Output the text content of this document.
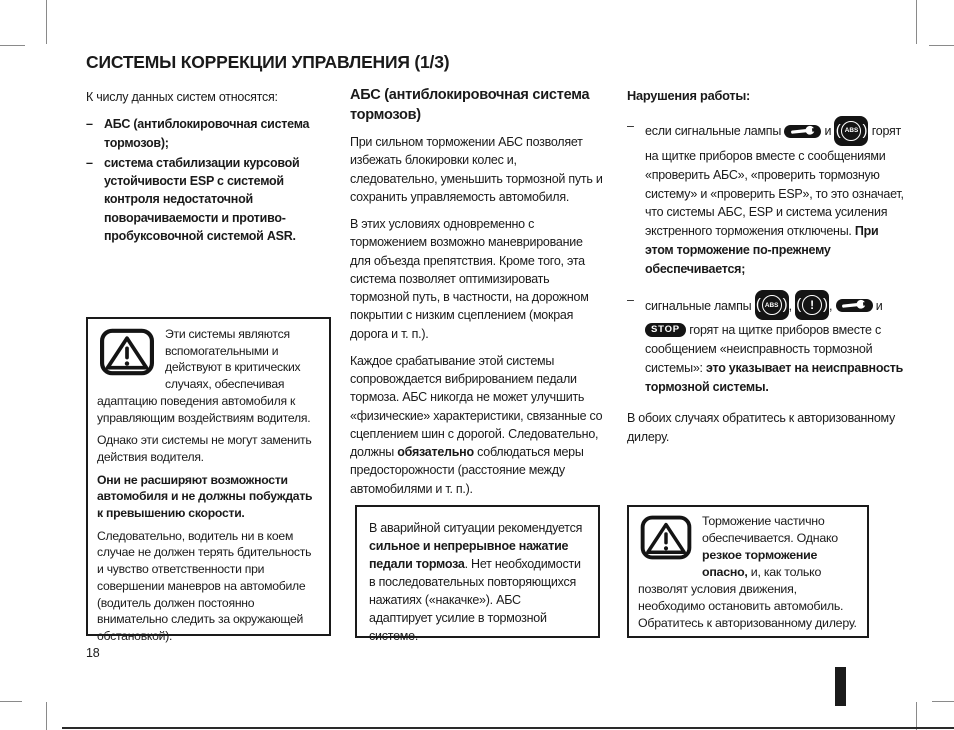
СИСТЕМЫ КОРРЕКЦИИ УПРАВЛЕНИЯ (1/3)

К числу данных систем относятся:

– АБС (антиблокировочная система тормозов);
– система стабилизации курсовой устойчивости ESP с системой контроля недостаточной поворачиваемости и противо-пробуксовочной системой ASR.

Эти системы являются вспомогательными и действуют в критических случаях, обеспечивая адаптацию поведения автомобиля к управляющим воздействиям водителя.

Однако эти системы не могут заменить действия водителя.

Они не расширяют возможности автомобиля и не должны побуждать к превышению скорости.

Следовательно, водитель ни в коем случае не должен терять бдительность и чувство ответственности при совершении маневров на автомобиле (водитель должен постоянно внимательно следить за окружающей обстановкой).

АБС (антиблокировочная система тормозов)

При сильном торможении АБС позволяет избежать блокировки колес и, следовательно, уменьшить тормозной путь и сохранить управляемость автомобиля.

В этих условиях одновременно с торможением возможно маневрирование для объезда препятствия. Кроме того, эта система позволяет оптимизировать тормозной путь, в частности, на дорожном покрытии с низким сцеплением (мокрая дорога и т. п.).

Каждое срабатывание этой системы сопровождается вибрированием педали тормоза. АБС никогда не может улучшить «физические» характеристики, связанные со сцеплением шин с дорогой. Следовательно, должны обязательно соблюдаться меры предосторожности (расстояние между автомобилями и т. п.).

В аварийной ситуации рекомендуется сильное и непрерывное нажатие педали тормоза. Нет необходимости в последовательных повторяющихся нажатиях («накачке»). АБС адаптирует усилие в тормозной системе.

Нарушения работы:
– если сигнальные лампы	и ( ABS ) горят на щитке приборов вместе с сообщениями «проверить АБС», «проверить тормозную систему» и «проверить ESP», то это означает, что системы АБС, ESP и система усиления экстренного торможения отключены. При этом торможение по-прежнему обеспечивается;
– сигнальные лампы ( ABS ) , ( ! ) ,	и
STOP горят на щитке приборов вместе с сообщением «неисправность тормозной системы»: это указывает на неисправность тормозной системы.

В обоих случаях обратитесь к авторизованному дилеру.

Торможение частично обеспечивается. Однако резкое торможение опасно, и, как только позволят условия движения, необходимо остановить автомобиль. Обратитесь к авторизованному дилеру.

18
